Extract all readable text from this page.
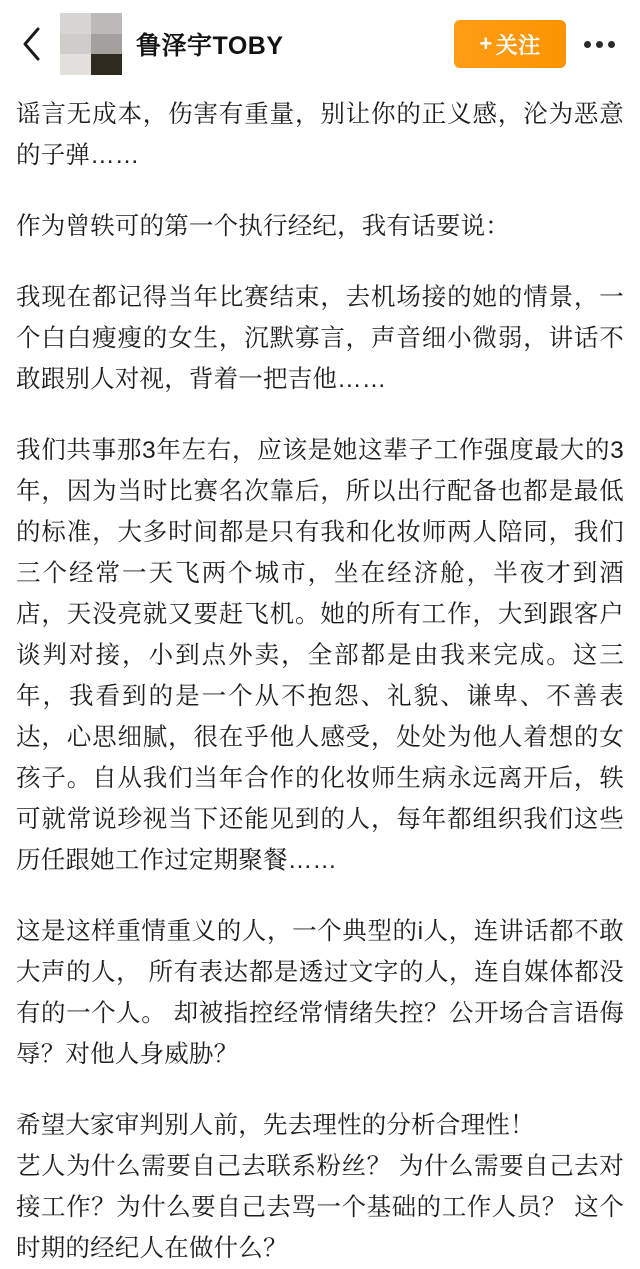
鲁泽宇TOBY	+ 关注

谣言无成本，伤害有重量，别让你的正义感，沦为恶意的子弹……

作为曾轶可的第一个执行经纪，我有话要说：

我现在都记得当年比赛结束，去机场接的她的情景，一个白白瘦瘦的女生，沉默寡言，声音细小微弱，讲话不敢跟别人对视，背着一把吉他……

我们共事那3年左右，应该是她这辈子工作强度最大的3年，因为当时比赛名次靠后，所以出行配备也都是最低的标准，大多时间都是只有我和化妆师两人陪同，我们三个经常一天飞两个城市，坐在经济舱，半夜才到酒店，天没亮就又要赶飞机。她的所有工作，大到跟客户谈判对接，小到点外卖，全部都是由我来完成。这三年，我看到的是一个从不抱怨、礼貌、谦卑、不善表达，心思细腻，很在乎他人感受，处处为他人着想的女孩子。自从我们当年合作的化妆师生病永远离开后，轶可就常说珍视当下还能见到的人，每年都组织我们这些历任跟她工作过定期聚餐……

这是这样重情重义的人，一个典型的i人，连讲话都不敢大声的人， 所有表达都是透过文字的人，连自媒体都没有的一个人。 却被指控经常情绪失控？公开场合言语侮辱？对他人身威胁？

希望大家审判别人前，先去理性的分析合理性！

艺人为什么需要自己去联系粉丝？ 为什么需要自己去对接工作？为什么要自己去骂一个基础的工作人员？ 这个时期的经纪人在做什么？
